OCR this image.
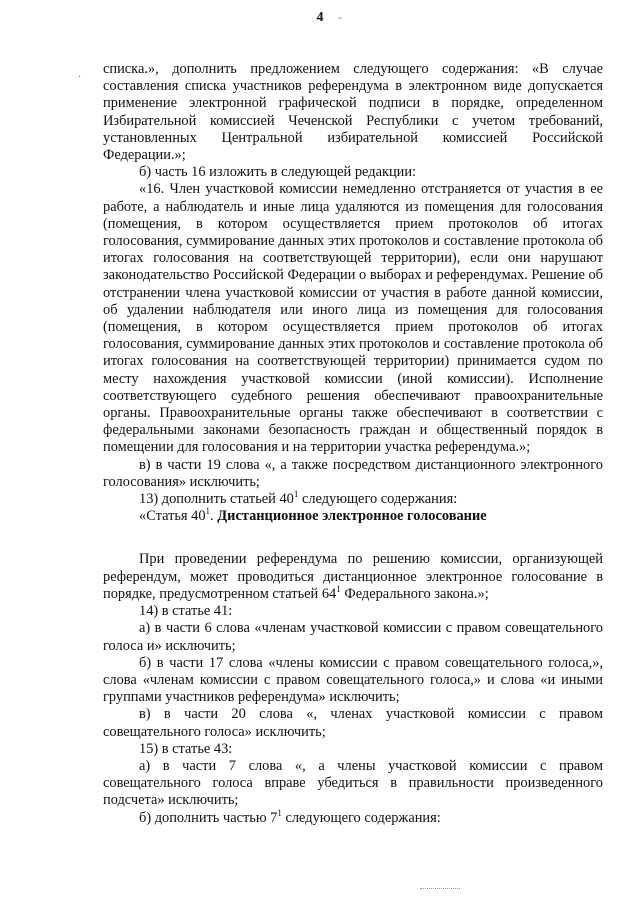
4	-
. списка.», дополнить предложением следующего содержания: «В случае составления списка участников референдума в электронном виде допускается применение электронной графической подписи в порядке, определенном Избирательной комиссией Чеченской Республики с учетом требований, установленных Центральной избирательной комиссией Российской Федерации.»;

б) часть 16 изложить в следующей редакции:

«16. Член участковой комиссии немедленно отстраняется от участия в ее работе, а наблюдатель и иные лица удаляются из помещения для голосования (помещения, в котором осуществляется прием протоколов об итогах голосования, суммирование данных этих протоколов и составление протокола об итогах голосования на соответствующей территории), если они нарушают законодательство Российской Федерации о выборах и референдумах. Решение об отстранении члена участковой комиссии от участия в работе данной комиссии, об удалении наблюдателя или иного лица из помещения для голосования (помещения, в котором осуществляется прием протоколов об итогах голосования, суммирование данных этих протоколов и составление протокола об итогах голосования на соответствующей территории) принимается судом по месту нахождения участковой комиссии (иной комиссии). Исполнение соответствующего судебного решения обеспечивают правоохранительные органы. Правоохранительные органы также обеспечивают в соответствии с федеральными законами безопасность граждан и общественный порядок в помещении для голосования и на территории участка референдума.»;

в) в части 19 слова «, а также посредством дистанционного электронного голосования» исключить;

13) дополнить статьей $40^1$ следующего содержания:

«Статья $40^1$. Дистанционное электронное голосование

При проведении референдума по решению комиссии, организующей референдум, может проводиться дистанционное электронное голосование в порядке, предусмотренном статьей $64^1$ Федерального закона.»;

14) в статье 41:

а) в части 6 слова «членам участковой комиссии с правом совещательного голоса и» исключить;

б) в части 17 слова «члены комиссии с правом совещательного голоса,», слова «членам комиссии с правом совещательного голоса,» и слова «и иными группами участников референдума» исключить;

в) в части 20 слова «, членах участковой комиссии с правом совещательного голоса» исключить;

15) в статье 43:

а) в части 7 слова «, а члены участковой комиссии с правом совещательного голоса вправе убедиться в правильности произведенного подсчета» исключить;

б) дополнить частью $7^1$ следующего содержания:
